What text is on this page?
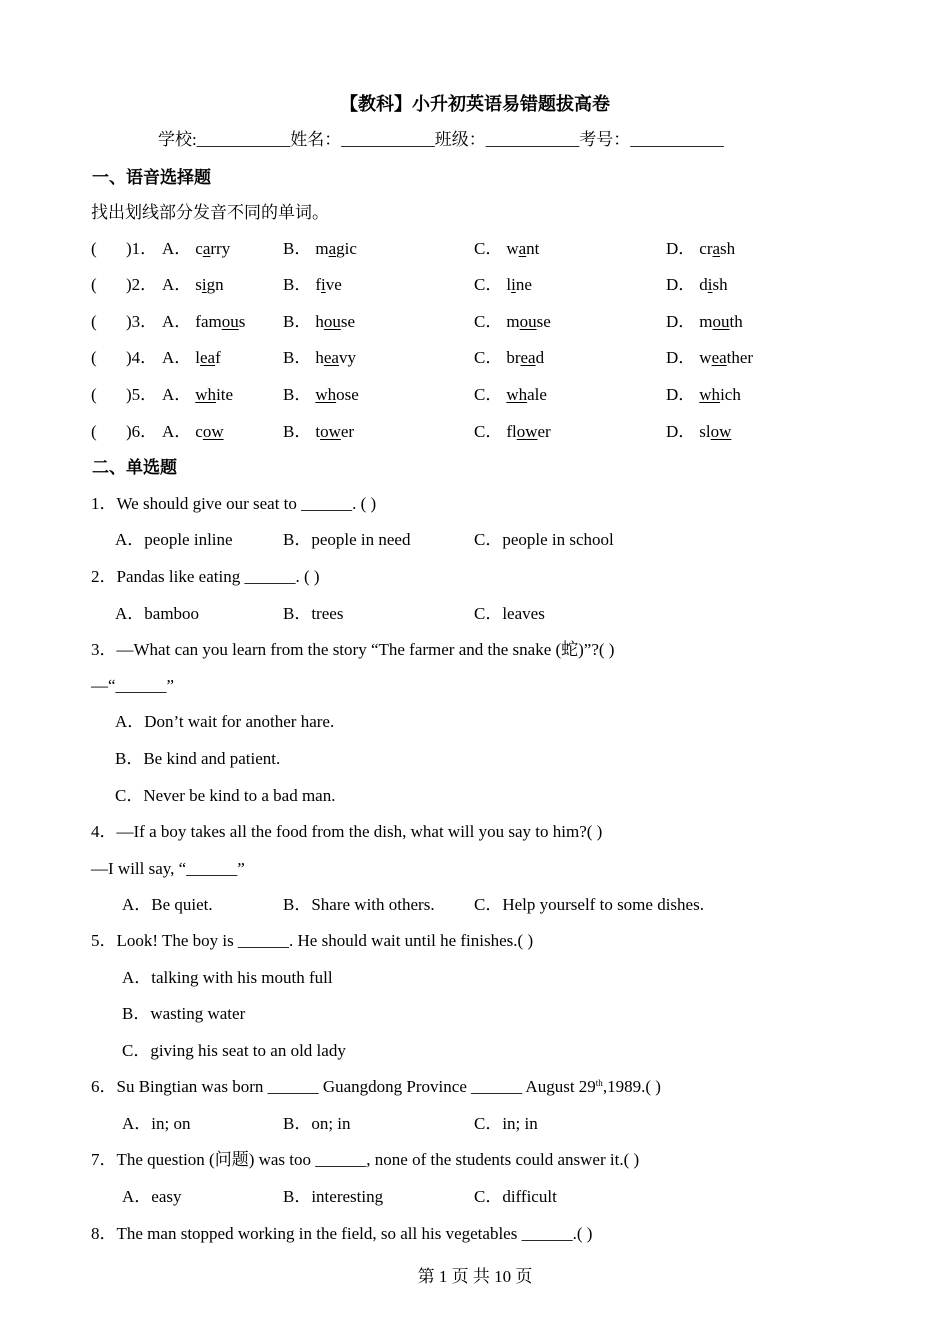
【教科】小升初英语易错题拔高卷
学校:___________姓名：___________班级：___________考号：___________
一、语音选择题
找出划线部分发音不同的单词。
( )1． A． carry	B． magic	C． want	D． crash
( )2． A． sign	B． five	C． line	D． dish
( )3． A． famous B． house	C． mouse	D． mouth
( )4． A． leaf	B． heavy	C． bread	D． weather
( )5． A． white	B． whose	C． whale	D． which
( )6． A． cow	B． tower	C． flower	D． slow
二、单选题
1．We should give our seat to ______. ( )
A．people inline	B．people in need	C．people in school
2．Pandas like eating ______. ( )
A．bamboo	B．trees	C．leaves
3．—What can you learn from the story “The farmer and the snake (蛇)”?( )
—“______”
A．Don’t wait for another hare.
B．Be kind and patient.
C．Never be kind to a bad man.
4．—If a boy takes all the food from the dish, what will you say to him?( )
—I will say, “______”
A．Be quiet.	B．Share with others. C．Help yourself to some dishes.
5．Look! The boy is ______. He should wait until he finishes.( )
A．talking with his mouth full
B．wasting water
C．giving his seat to an old lady
6．Su Bingtian was born ______ Guangdong Province ______ August 29th,1989.( )
A．in; on	B．on; in	C．in; in
7．The question (问题) was too ______, none of the students could answer it.( )
A．easy	B．interesting	C．difficult
8．The man stopped working in the field, so all his vegetables ______.( )
第 1 页 共 10 页
